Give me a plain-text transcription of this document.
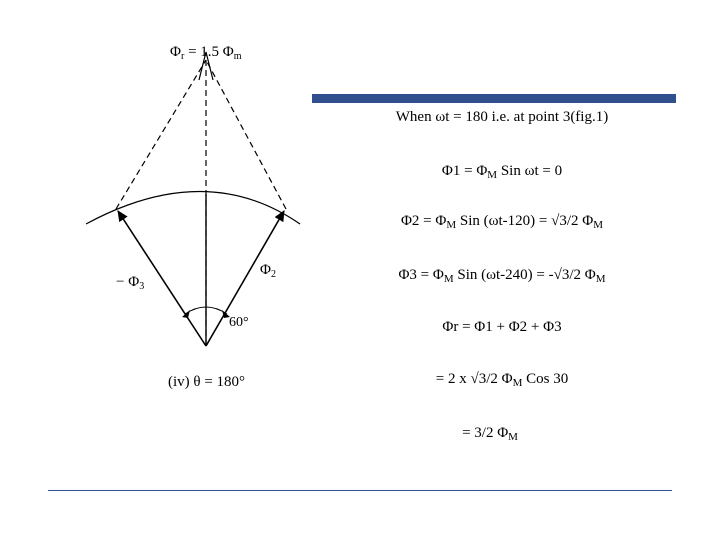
$\Phi_r = 1.5$ $\Phi_m$
− $\Phi_3$
$\Phi_2$
60°
(iv) θ = 180°
When ωt = 180 i.e. at point 3(fig.1)
$\Phi 1 = \Phi_M$ Sin ωt = 0
$\Phi 2 = \Phi_M$ Sin (ωt-120) = √3/2 $\Phi_M$
$\Phi 3 = \Phi_M$ Sin (ωt-240) = -√3/2 $\Phi_M$
Φr = Φ1 + Φ2 + Φ3
= 2 x √3/2 $\Phi_M$ Cos 30
= 3/2 $\Phi_M$
